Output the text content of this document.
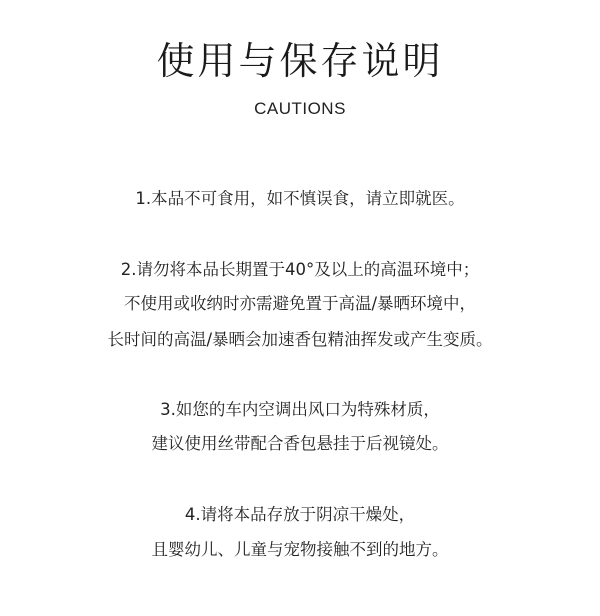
使用与保存说明
CAUTIONS
1.本品不可食用，如不慎误食，请立即就医。
2.请勿将本品长期置于40°及以上的高温环境中；
不使用或收纳时亦需避免置于高温/暴晒环境中，
长时间的高温/暴晒会加速香包精油挥发或产生变质。
3.如您的车内空调出风口为特殊材质，
建议使用丝带配合香包悬挂于后视镜处。
4.请将本品存放于阴凉干燥处，
且婴幼儿、儿童与宠物接触不到的地方。
